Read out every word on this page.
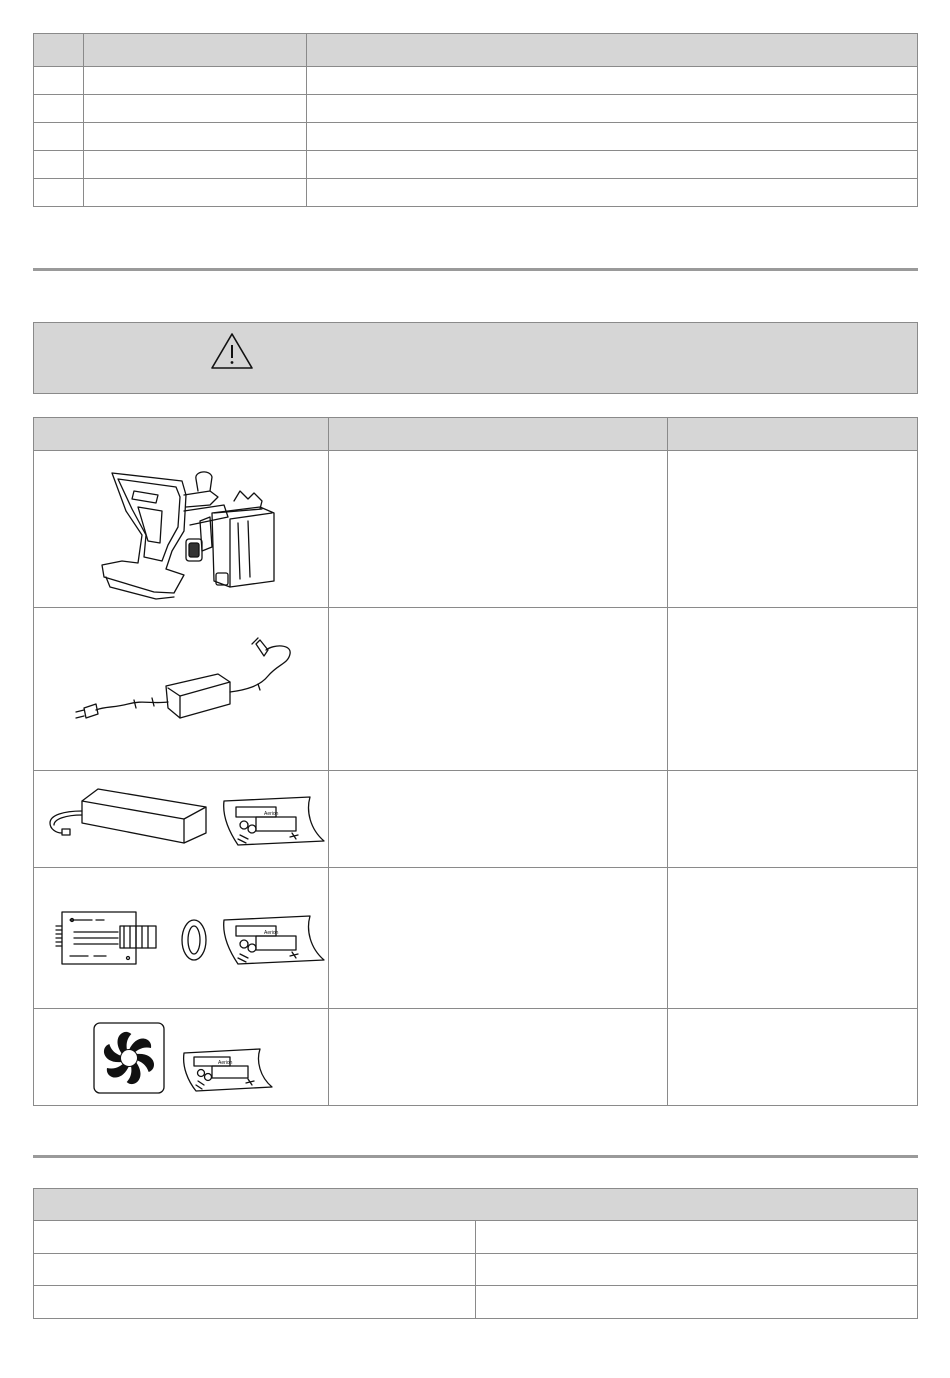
Aerion		

Aerion		

Aerion		
